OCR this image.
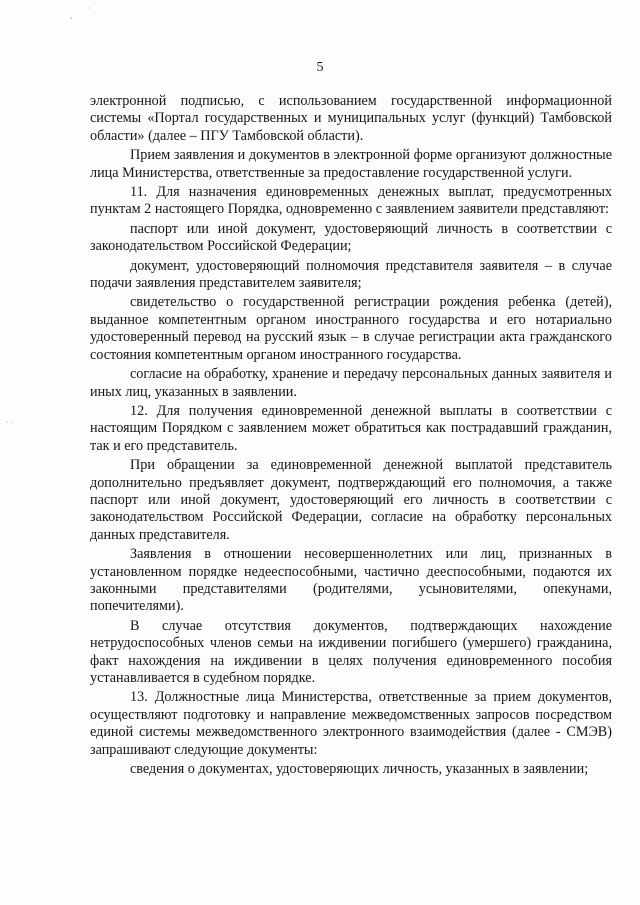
5
·
'
· ·

электронной подписью, с использованием государственной информационной системы «Портал государственных и муниципальных услуг (функций) Тамбовской области» (далее – ПГУ Тамбовской области).

Прием заявления и документов в электронной форме организуют должностные лица Министерства, ответственные за предоставление государственной услуги.

11. Для назначения единовременных денежных выплат, предусмотренных пунктам 2 настоящего Порядка, одновременно с заявлением заявители представляют:

паспорт или иной документ, удостоверяющий личность в соответствии с законодательством Российской Федерации;

документ, удостоверяющий полномочия представителя заявителя – в случае подачи заявления представителем заявителя;

свидетельство о государственной регистрации рождения ребенка (детей), выданное компетентным органом иностранного государства и его нотариально удостоверенный перевод на русский язык – в случае регистрации акта гражданского состояния компетентным органом иностранного государства.

согласие на обработку, хранение и передачу персональных данных заявителя и иных лиц, указанных в заявлении.

12. Для получения единовременной денежной выплаты в соответствии с настоящим Порядком с заявлением может обратиться как пострадавший гражданин, так и его представитель.

При обращении за единовременной денежной выплатой представитель дополнительно предъявляет документ, подтверждающий его полномочия, а также паспорт или иной документ, удостоверяющий его личность в соответствии с законодательством Российской Федерации, согласие на обработку персональных данных представителя.

Заявления в отношении несовершеннолетних или лиц, признанных в установленном порядке недееспособными, частично дееспособными, подаются их законными представителями (родителями, усыновителями, опекунами, попечителями).

В случае отсутствия документов, подтверждающих нахождение нетрудоспособных членов семьи на иждивении погибшего (умершего) гражданина, факт нахождения на иждивении в целях получения единовременного пособия устанавливается в судебном порядке.

13. Должностные лица Министерства, ответственные за прием документов, осуществляют подготовку и направление межведомственных запросов посредством единой системы межведомственного электронного взаимодействия (далее - СМЭВ) запрашивают следующие документы:

сведения о документах, удостоверяющих личность, указанных в заявлении;
